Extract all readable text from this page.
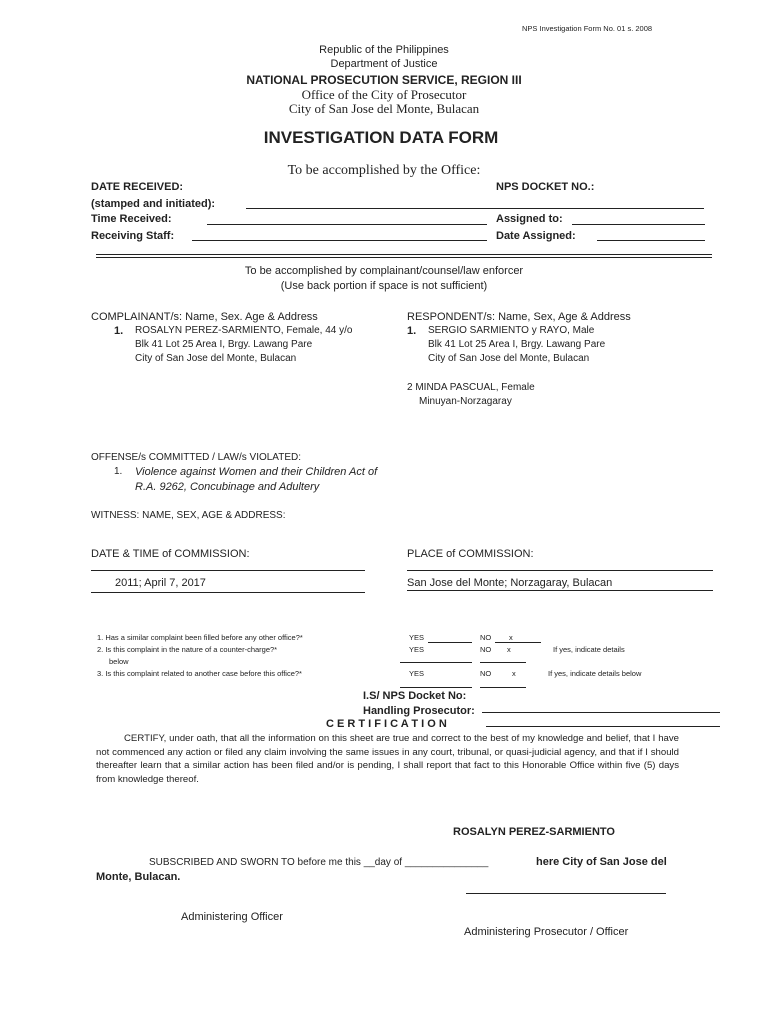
NPS Investigation Form No. 01 s. 2008
Republic of the Philippines
Department of Justice
NATIONAL PROSECUTION SERVICE, REGION III
Office of the City of Prosecutor
City of San Jose del Monte, Bulacan
INVESTIGATION DATA FORM
To be accomplished by the Office:
DATE RECEIVED:	NPS DOCKET NO.:
(stamped and initiated):
Time Received:	Assigned to:
Receiving Staff:	Date Assigned:
To be accomplished by complainant/counsel/law enforcer
(Use back portion if space is not sufficient)
COMPLAINANT/s: Name, Sex. Age & Address
1. ROSALYN PEREZ-SARMIENTO, Female, 44 y/o
Blk 41 Lot 25 Area I, Brgy. Lawang Pare
City of San Jose del Monte, Bulacan
RESPONDENT/s: Name, Sex, Age & Address
1. SERGIO SARMIENTO y RAYO, Male
Blk 41 Lot 25 Area I, Brgy. Lawang Pare
City of San Jose del Monte, Bulacan
2 MINDA PASCUAL, Female
Minuyan-Norzagaray
OFFENSE/s COMMITTED / LAW/s VIOLATED:
1. Violence against Women and their Children Act of
R.A. 9262, Concubinage and Adultery
WITNESS: NAME, SEX, AGE & ADDRESS:
DATE & TIME of COMMISSION:
2011; April 7, 2017
PLACE of COMMISSION:
San Jose del Monte; Norzagaray, Bulacan
1. Has a similar complaint been filled before any other office?*	YES	NO x
2. Is this complaint in the nature of a counter-charge?*
below
YES	NO x	If yes, indicate details
3. Is this complaint related to another case before this office?*	YES	NO	x	If yes, indicate details below
I.S/ NPS Docket No:
Handling Prosecutor:
C E R T I F I C A T I O N
CERTIFY, under oath, that all the information on this sheet are true and correct to the best of my knowledge and belief, that I have not commenced any action or filed any claim involving the same issues in any court, tribunal, or quasi-judicial agency, and that if I should thereafter learn that a similar action has been filed and/or is pending, I shall report that fact to this Honorable Office within five (5) days from knowledge thereof.
ROSALYN PEREZ-SARMIENTO
SUBSCRIBED AND SWORN TO before me this __day of _______________	here City of San Jose del
Monte, Bulacan.
Administering Officer
Administering Prosecutor / Officer
